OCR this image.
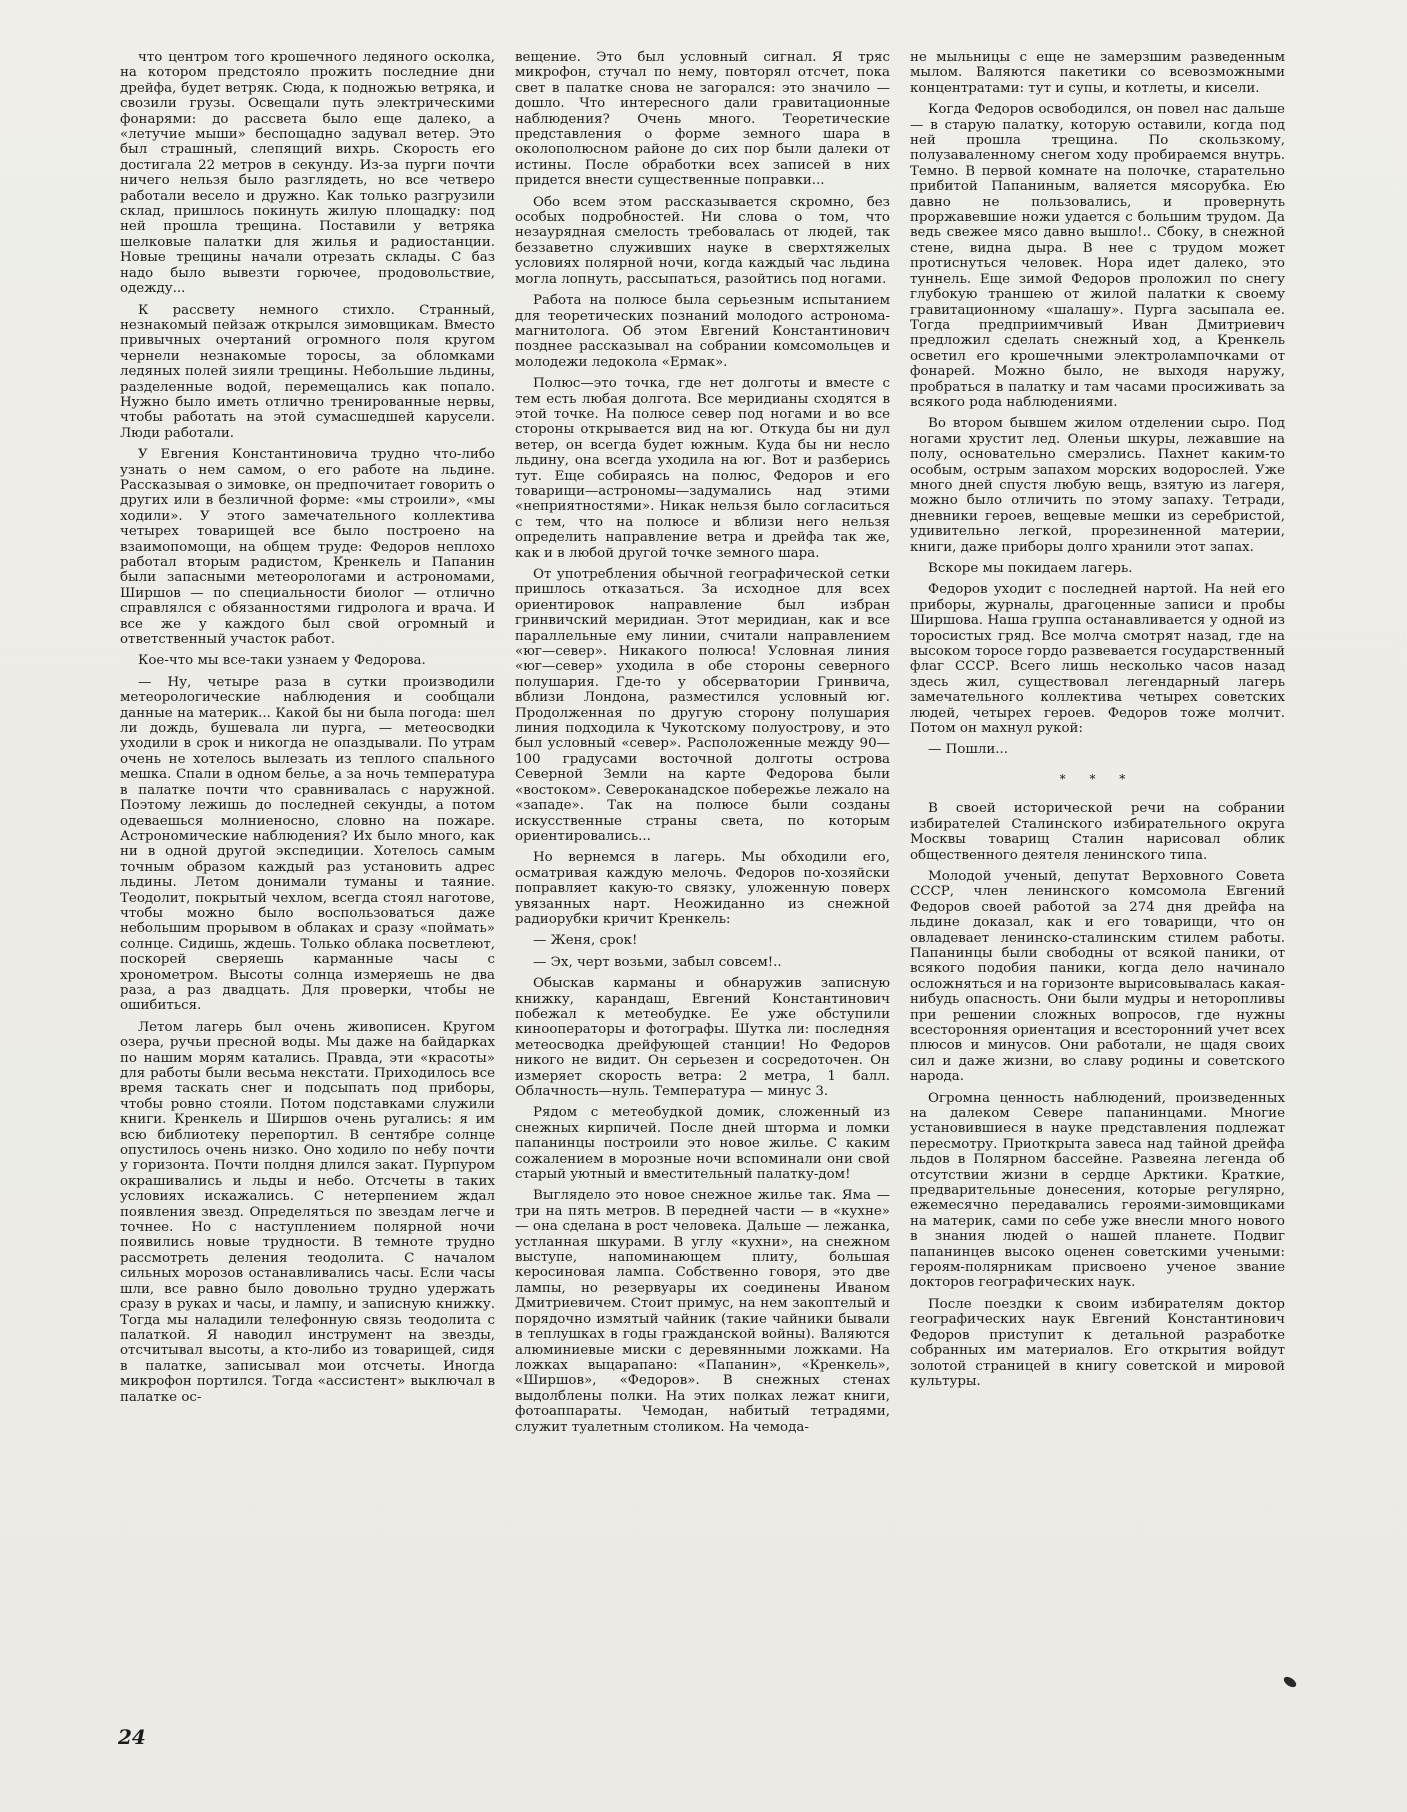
что центром того крошечного ледяного осколка, на котором предстояло прожить последние дни дрейфа, будет ветряк. Сюда, к подножью ветряка, и свозили грузы. Освещали путь электрическими фонарями: до рассвета было еще далеко, а «летучие мыши» беспощадно задувал ветер. Это был страшный, слепящий вихрь. Скорость его достигала 22 метров в секунду. Из-за пурги почти ничего нельзя было разглядеть, но все четверо работали весело и дружно. Как только разгрузили склад, пришлось покинуть жилую площадку: под ней прошла трещина. Поставили у ветряка шелковые палатки для жилья и радиостанции. Новые трещины начали отрезать склады. С баз надо было вывезти горючее, продовольствие, одежду...

К рассвету немного стихло. Странный, незнакомый пейзаж открылся зимовщикам. Вместо привычных очертаний огромного поля кругом чернели незнакомые торосы, за обломками ледяных полей зияли трещины. Небольшие льдины, разделенные водой, перемещались как попало. Нужно было иметь отлично тренированные нервы, чтобы работать на этой сумасшедшей карусели. Люди работали.

У Евгения Константиновича трудно что-либо узнать о нем самом, о его работе на льдине. Рассказывая о зимовке, он предпочитает говорить о других или в безличной форме: «мы строили», «мы ходили». У этого замечательного коллектива четырех товарищей все было построено на взаимопомощи, на общем труде: Федоров неплохо работал вторым радистом, Кренкель и Папанин были запасными метеорологами и астрономами, Ширшов — по специальности биолог — отлично справлялся с обязанностями гидролога и врача. И все же у каждого был свой огромный и ответственный участок работ.

Кое-что мы все-таки узнаем у Федорова.

— Ну, четыре раза в сутки производили метеорологические наблюдения и сообщали данные на материк... Какой бы ни была погода: шел ли дождь, бушевала ли пурга, — метеосводки уходили в срок и никогда не опаздывали. По утрам очень не хотелось вылезать из теплого спального мешка. Спали в одном белье, а за ночь температура в палатке почти что сравнивалась с наружной. Поэтому лежишь до последней секунды, а потом одеваешься молниеносно, словно на пожаре. Астрономические наблюдения? Их было много, как ни в одной другой экспедиции. Хотелось самым точным образом каждый раз установить адрес льдины. Летом донимали туманы и таяние. Теодолит, покрытый чехлом, всегда стоял наготове, чтобы можно было воспользоваться даже небольшим прорывом в облаках и сразу «поймать» солнце. Сидишь, ждешь. Только облака посветлеют, поскорей сверяешь карманные часы с хронометром. Высоты солнца измеряешь не два раза, а раз двадцать. Для проверки, чтобы не ошибиться.

Летом лагерь был очень живописен. Кругом озера, ручьи пресной воды. Мы даже на байдарках по нашим морям катались. Правда, эти «красоты» для работы были весьма некстати. Приходилось все время таскать снег и подсыпать под приборы, чтобы ровно стояли. Потом подставками служили книги. Кренкель и Ширшов очень ругались: я им всю библиотеку перепортил. В сентябре солнце опустилось очень низко. Оно ходило по небу почти у горизонта. Почти полдня длился закат. Пурпуром окрашивались и льды и небо. Отсчеты в таких условиях искажались. С нетерпением ждал появления звезд. Определяться по звездам легче и точнее. Но с наступлением полярной ночи появились новые трудности. В темноте трудно рассмотреть деления теодолита. С началом сильных морозов останавливались часы. Если часы шли, все равно было довольно трудно удержать сразу в руках и часы, и лампу, и записную книжку. Тогда мы наладили телефонную связь теодолита с палаткой. Я наводил инструмент на звезды, отсчитывал высоты, а кто-либо из товарищей, сидя в палатке, записывал мои отсчеты. Иногда микрофон портился. Тогда «ассистент» выключал в палатке ос-

вещение. Это был условный сигнал. Я тряс микрофон, стучал по нему, повторял отсчет, пока свет в палатке снова не загорался: это значило — дошло. Что интересного дали гравитационные наблюдения? Очень много. Теоретические представления о форме земного шара в околополюсном районе до сих пор были далеки от истины. После обработки всех записей в них придется внести существенные поправки...

Обо всем этом рассказывается скромно, без особых подробностей. Ни слова о том, что незаурядная смелость требовалась от людей, так беззаветно служивших науке в сверхтяжелых условиях полярной ночи, когда каждый час льдина могла лопнуть, рассыпаться, разойтись под ногами.

Работа на полюсе была серьезным испытанием для теоретических познаний молодого астронома-магнитолога. Об этом Евгений Константинович позднее рассказывал на собрании комсомольцев и молодежи ледокола «Ермак».

Полюс—это точка, где нет долготы и вместе с тем есть любая долгота. Все меридианы сходятся в этой точке. На полюсе север под ногами и во все стороны открывается вид на юг. Откуда бы ни дул ветер, он всегда будет южным. Куда бы ни несло льдину, она всегда уходила на юг. Вот и разберись тут. Еще собираясь на полюс, Федоров и его товарищи—астрономы—задумались над этими «неприятностями». Никак нельзя было согласиться с тем, что на полюсе и вблизи него нельзя определить направление ветра и дрейфа так же, как и в любой другой точке земного шара.

От употребления обычной географической сетки пришлось отказаться. За исходное для всех ориентировок направление был избран гринвичский меридиан. Этот меридиан, как и все параллельные ему линии, считали направлением «юг—север». Никакого полюса! Условная линия «юг—север» уходила в обе стороны северного полушария. Где-то у обсерватории Гринвича, вблизи Лондона, разместился условный юг. Продолженная по другую сторону полушария линия подходила к Чукотскому полуострову, и это был условный «север». Расположенные между 90—100 градусами восточной долготы острова Северной Земли на карте Федорова были «востоком». Североканадское побережье лежало на «западе». Так на полюсе были созданы искусственные страны света, по которым ориентировались...

Но вернемся в лагерь. Мы обходили его, осматривая каждую мелочь. Федоров по-хозяйски поправляет какую-то связку, уложенную поверх увязанных нарт. Неожиданно из снежной радиорубки кричит Кренкель:

— Женя, срок!

— Эх, черт возьми, забыл совсем!..

Обыскав карманы и обнаружив записную книжку, карандаш, Евгений Константинович побежал к метеобудке. Ее уже обступили кинооператоры и фотографы. Шутка ли: последняя метеосводка дрейфующей станции! Но Федоров никого не видит. Он серьезен и сосредоточен. Он измеряет скорость ветра: 2 метра, 1 балл. Облачность—нуль. Температура — минус 3.

Рядом с метеобудкой домик, сложенный из снежных кирпичей. После дней шторма и ломки папанинцы построили это новое жилье. С каким сожалением в морозные ночи вспоминали они свой старый уютный и вместительный палатку-дом!

Выглядело это новое снежное жилье так. Яма — три на пять метров. В передней части — в «кухне» — она сделана в рост человека. Дальше — лежанка, устланная шкурами. В углу «кухни», на снежном выступе, напоминающем плиту, большая керосиновая лампа. Собственно говоря, это две лампы, но резервуары их соединены Иваном Дмитриевичем. Стоит примус, на нем закоптелый и порядочно измятый чайник (такие чайники бывали в теплушках в годы гражданской войны). Валяются алюминиевые миски с деревянными ложками. На ложках выцарапано: «Папанин», «Кренкель», «Ширшов», «Федоров». В снежных стенах выдолблены полки. На этих полках лежат книги, фотоаппараты. Чемодан, набитый тетрадями, служит туалетным столиком. На чемода-

не мыльницы с еще не замерзшим разведенным мылом. Валяются пакетики со всевозможными концентратами: тут и супы, и котлеты, и кисели.

Когда Федоров освободился, он повел нас дальше — в старую палатку, которую оставили, когда под ней прошла трещина. По скользкому, полузаваленному снегом ходу пробираемся внутрь. Темно. В первой комнате на полочке, старательно прибитой Папаниным, валяется мясорубка. Ею давно не пользовались, и провернуть проржавевшие ножи удается с большим трудом. Да ведь свежее мясо давно вышло!.. Сбоку, в снежной стене, видна дыра. В нее с трудом может протиснуться человек. Нора идет далеко, это туннель. Еще зимой Федоров проложил по снегу глубокую траншею от жилой палатки к своему гравитационному «шалашу». Пурга засыпала ее. Тогда предприимчивый Иван Дмитриевич предложил сделать снежный ход, а Кренкель осветил его крошечными электролампочками от фонарей. Можно было, не выходя наружу, пробраться в палатку и там часами просиживать за всякого рода наблюдениями.

Во втором бывшем жилом отделении сыро. Под ногами хрустит лед. Оленьи шкуры, лежавшие на полу, основательно смерзлись. Пахнет каким-то особым, острым запахом морских водорослей. Уже много дней спустя любую вещь, взятую из лагеря, можно было отличить по этому запаху. Тетради, дневники героев, вещевые мешки из серебристой, удивительно легкой, прорезиненной материи, книги, даже приборы долго хранили этот запах.

Вскоре мы покидаем лагерь.

Федоров уходит с последней нартой. На ней его приборы, журналы, драгоценные записи и пробы Ширшова. Наша группа останавливается у одной из торосистых гряд. Все молча смотрят назад, где на высоком торосе гордо развевается государственный флаг СССР. Всего лишь несколько часов назад здесь жил, существовал легендарный лагерь замечательного коллектива четырех советских людей, четырех героев. Федоров тоже молчит. Потом он махнул рукой:

— Пошли...

* * *

В своей исторической речи на собрании избирателей Сталинского избирательного округа Москвы товарищ Сталин нарисовал облик общественного деятеля ленинского типа.

Молодой ученый, депутат Верховного Совета СССР, член ленинского комсомола Евгений Федоров своей работой за 274 дня дрейфа на льдине доказал, как и его товарищи, что он овладевает ленинско-сталинским стилем работы. Папанинцы были свободны от всякой паники, от всякого подобия паники, когда дело начинало осложняться и на горизонте вырисовывалась какая-нибудь опасность. Они были мудры и неторопливы при решении сложных вопросов, где нужны всесторонняя ориентация и всесторонний учет всех плюсов и минусов. Они работали, не щадя своих сил и даже жизни, во славу родины и советского народа.

Огромна ценность наблюдений, произведенных на далеком Севере папанинцами. Многие установившиеся в науке представления подлежат пересмотру. Приоткрыта завеса над тайной дрейфа льдов в Полярном бассейне. Развеяна легенда об отсутствии жизни в сердце Арктики. Краткие, предварительные донесения, которые регулярно, ежемесячно передавались героями-зимовщиками на материк, сами по себе уже внесли много нового в знания людей о нашей планете. Подвиг папанинцев высоко оценен советскими учеными: героям-полярникам присвоено ученое звание докторов географических наук.

После поездки к своим избирателям доктор географических наук Евгений Константинович Федоров приступит к детальной разработке собранных им материалов. Его открытия войдут золотой страницей в книгу советской и мировой культуры.

24
